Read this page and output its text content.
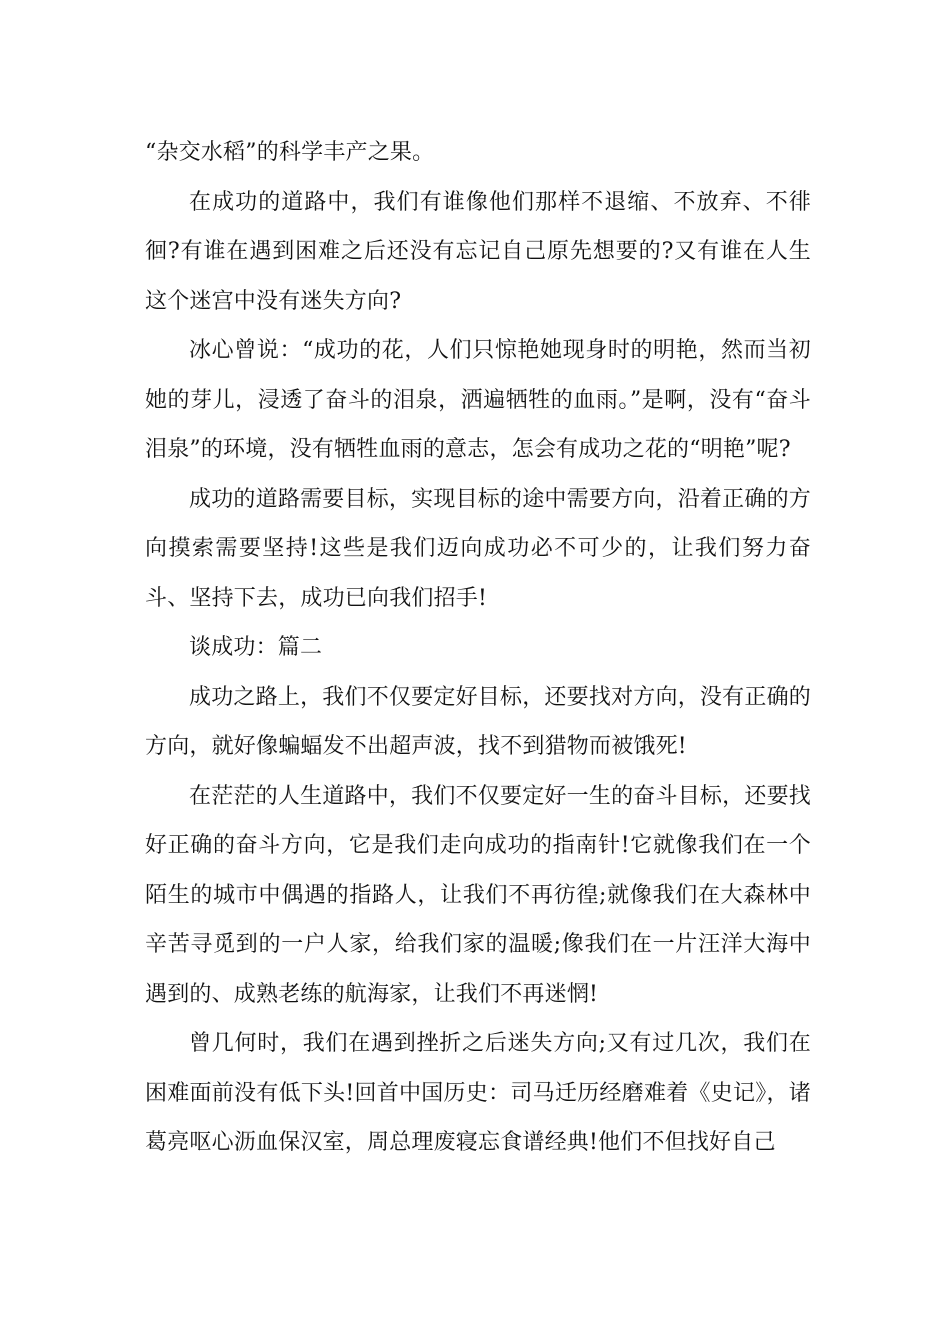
“杂交水稻”的科学丰产之果。

在成功的道路中，我们有谁像他们那样不退缩、不放弃、不徘徊?有谁在遇到困难之后还没有忘记自己原先想要的?又有谁在人生这个迷宫中没有迷失方向?

冰心曾说：“成功的花，人们只惊艳她现身时的明艳，然而当初她的芽儿，浸透了奋斗的泪泉，洒遍牺牲的血雨。”是啊，没有“奋斗泪泉”的环境，没有牺牲血雨的意志，怎会有成功之花的“明艳”呢?

成功的道路需要目标，实现目标的途中需要方向，沿着正确的方向摸索需要坚持!这些是我们迈向成功必不可少的，让我们努力奋斗、坚持下去，成功已向我们招手!

谈成功：篇二

成功之路上，我们不仅要定好目标，还要找对方向，没有正确的方向，就好像蝙蝠发不出超声波，找不到猎物而被饿死!

在茫茫的人生道路中，我们不仅要定好一生的奋斗目标，还要找好正确的奋斗方向，它是我们走向成功的指南针!它就像我们在一个陌生的城市中偶遇的指路人，让我们不再彷徨;就像我们在大森林中辛苦寻觅到的一户人家，给我们家的温暖;像我们在一片汪洋大海中遇到的、成熟老练的航海家，让我们不再迷惘!

曾几何时，我们在遇到挫折之后迷失方向;又有过几次，我们在困难面前没有低下头!回首中国历史：司马迁历经磨难着《史记》，诸葛亮呕心沥血保汉室，周总理废寝忘食谱经典!他们不但找好自己
